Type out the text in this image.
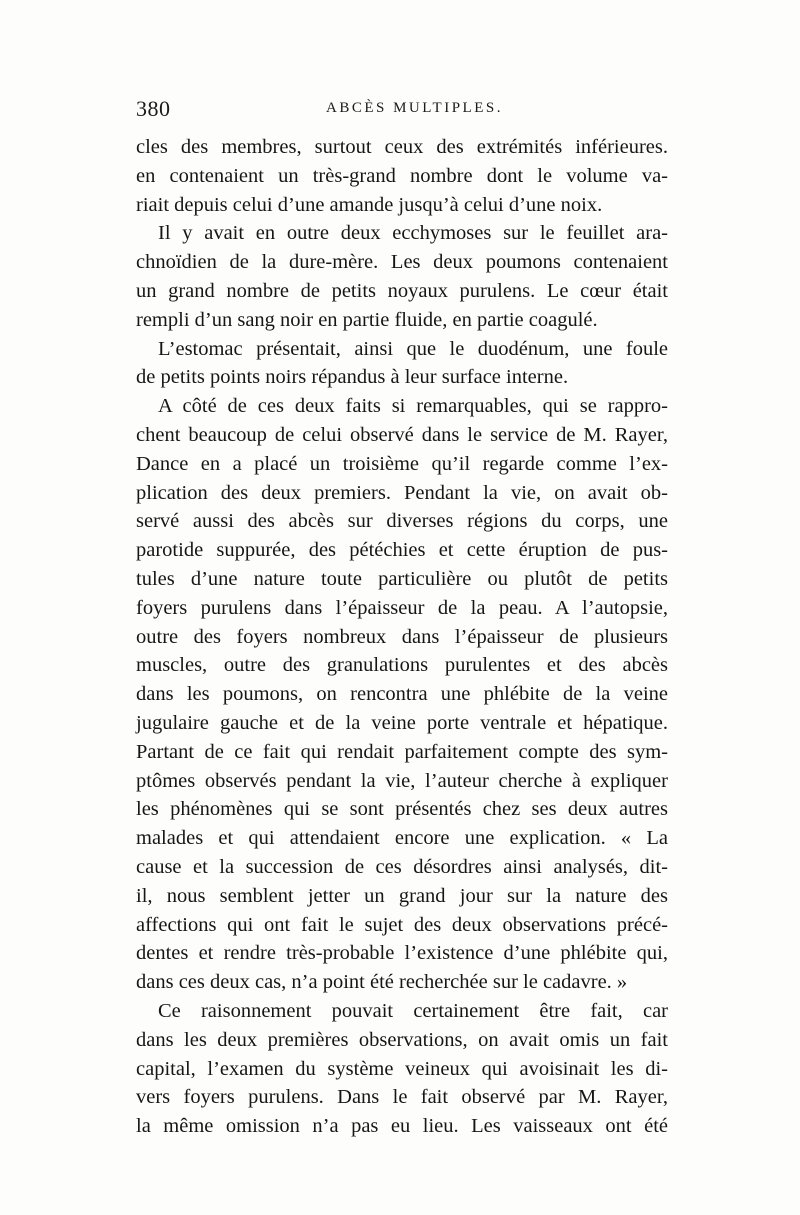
380	ABCÈS MULTIPLES.
cles des membres, surtout ceux des extrémités inférieures.
en contenaient un très-grand nombre dont le volume va-
riait depuis celui d’une amande jusqu’à celui d’une noix.
Il y avait en outre deux ecchymoses sur le feuillet ara-
chnoïdien de la dure-mère. Les deux poumons contenaient
un grand nombre de petits noyaux purulens. Le cœur était
rempli d’un sang noir en partie fluide, en partie coagulé.
L’estomac présentait, ainsi que le duodénum, une foule
de petits points noirs répandus à leur surface interne.
A côté de ces deux faits si remarquables, qui se rappro-
chent beaucoup de celui observé dans le service de M. Rayer,
Dance en a placé un troisième qu’il regarde comme l’ex-
plication des deux premiers. Pendant la vie, on avait ob-
servé aussi des abcès sur diverses régions du corps, une
parotide suppurée, des pétéchies et cette éruption de pus-
tules d’une nature toute particulière ou plutôt de petits
foyers purulens dans l’épaisseur de la peau. A l’autopsie,
outre des foyers nombreux dans l’épaisseur de plusieurs
muscles, outre des granulations purulentes et des abcès
dans les poumons, on rencontra une phlébite de la veine
jugulaire gauche et de la veine porte ventrale et hépatique.
Partant de ce fait qui rendait parfaitement compte des sym-
ptômes observés pendant la vie, l’auteur cherche à expliquer
les phénomènes qui se sont présentés chez ses deux autres
malades et qui attendaient encore une explication. « La
cause et la succession de ces désordres ainsi analysés, dit-
il, nous semblent jetter un grand jour sur la nature des
affections qui ont fait le sujet des deux observations précé-
dentes et rendre très-probable l’existence d’une phlébite qui,
dans ces deux cas, n’a point été recherchée sur le cadavre. »
Ce raisonnement pouvait certainement être fait, car
dans les deux premières observations, on avait omis un fait
capital, l’examen du système veineux qui avoisinait les di-
vers foyers purulens. Dans le fait observé par M. Rayer,
la même omission n’a pas eu lieu. Les vaisseaux ont été
